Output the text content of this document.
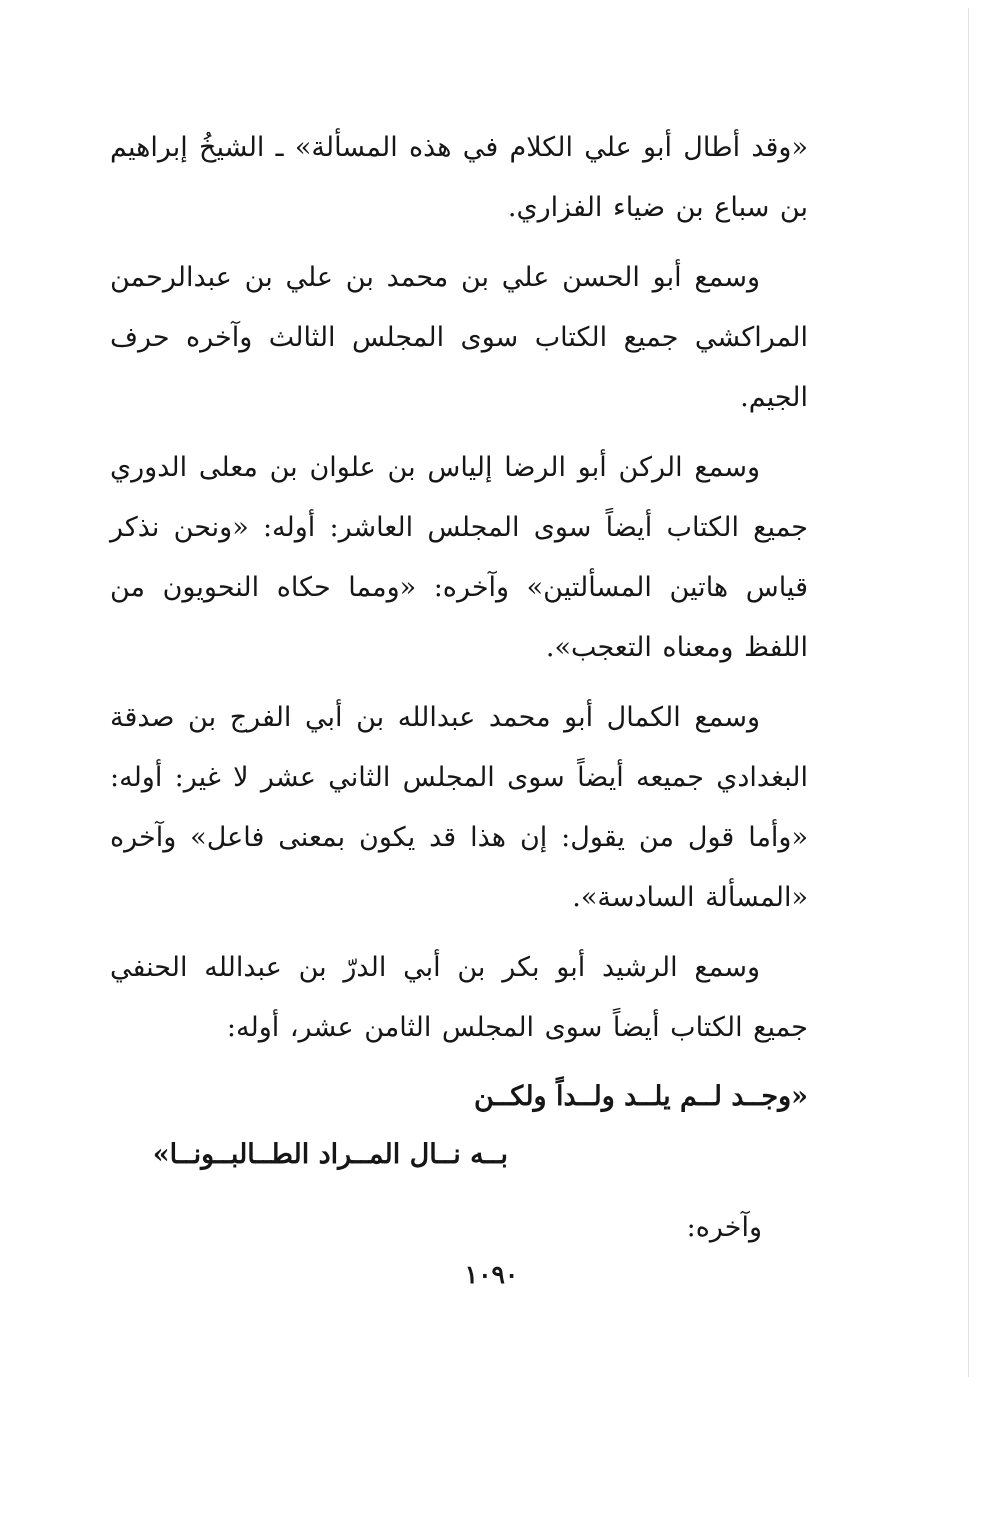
«وقد أطال أبو علي الكلام في هذه المسألة» ـ الشيخُ إبراهيم بن سباع بن ضياء الفزاري.

وسمع أبو الحسن علي بن محمد بن علي بن عبدالرحمن المراكشي جميع الكتاب سوى المجلس الثالث وآخره حرف الجيم.

وسمع الركن أبو الرضا إلياس بن علوان بن معلى الدوري جميع الكتاب أيضاً سوى المجلس العاشر: أوله: «ونحن نذكر قياس هاتين المسألتين» وآخره: «ومما حكاه النحويون من اللفظ ومعناه التعجب».

وسمع الكمال أبو محمد عبدالله بن أبي الفرج بن صدقة البغدادي جميعه أيضاً سوى المجلس الثاني عشر لا غير: أوله: «وأما قول من يقول: إن هذا قد يكون بمعنى فاعل» وآخره «المسألة السادسة».

وسمع الرشيد أبو بكر بن أبي الدرّ بن عبدالله الحنفي جميع الكتاب أيضاً سوى المجلس الثامن عشر، أوله:

«وجــد لــم يلــد ولــداً ولكــن
بــه نــال المــراد الطــالبــونــا»
وآخره:
١٠٩٠
